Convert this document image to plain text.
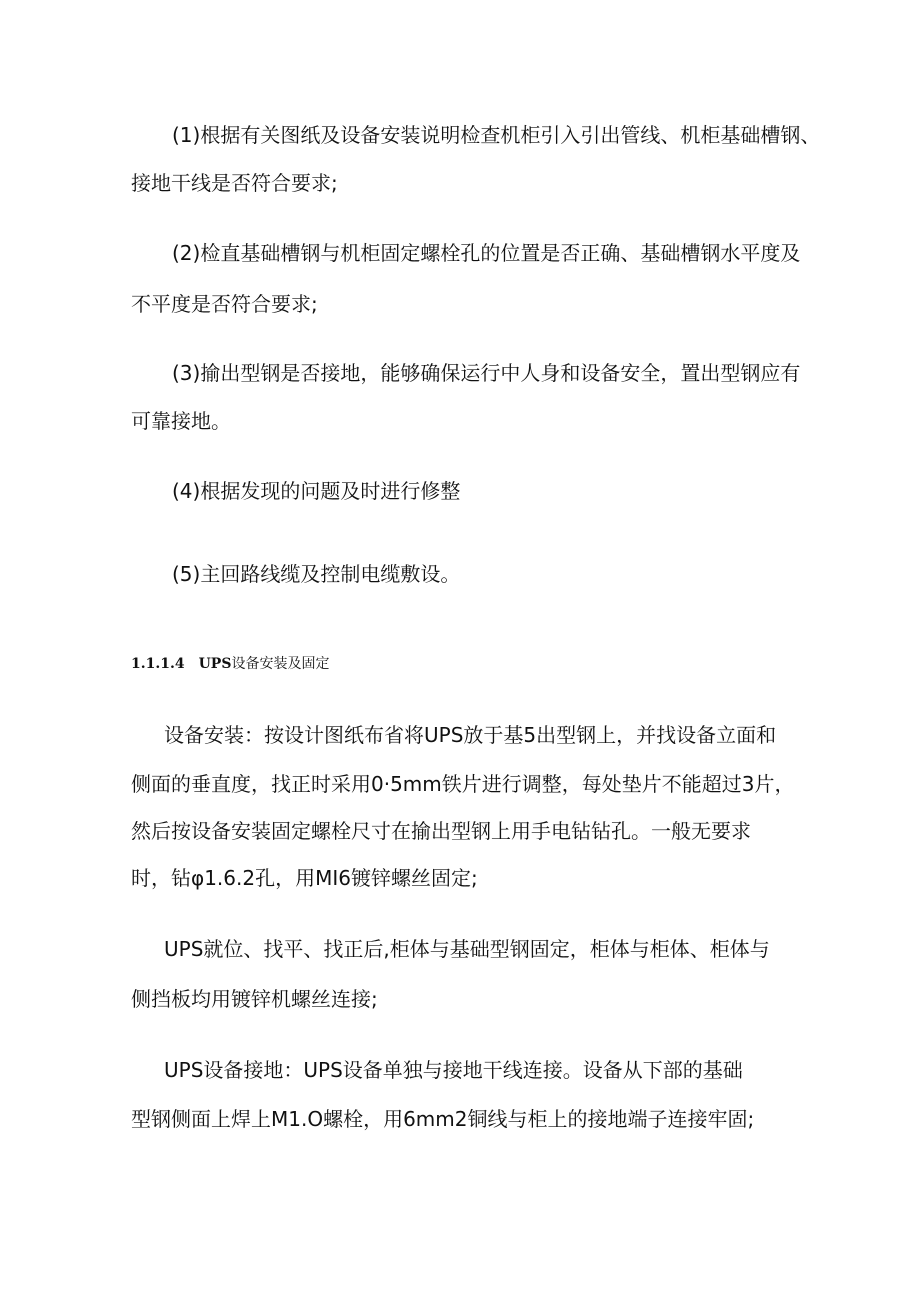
(1)根据有关图纸及设备安装说明检查机柜引入引出管线、机柜基础槽钢、
接地干线是否符合要求;
(2)检直基础槽钢与机柜固定螺栓孔的位置是否正确、基础槽钢水平度及
不平度是否符合要求;
(3)揄出型钢是否接地，能够确保运行中人身和设备安全，置出型钢应有
可靠接地。
(4)根据发现的问题及时进行修整
(5)主回路线缆及控制电缆敷设。
1.1.1.4 UPS设备安装及固定
设备安装：按设计图纸布省将UPS放于基5出型钢上，并找设备立面和
侧面的垂直度，找正时采用0·5mm铁片进行调整，每处垫片不能超过3片，
然后按设备安装固定螺栓尺寸在揄出型钢上用手电钻钻孔。一般无要求
时，钻φ1.6.2孔，用MI6镀锌螺丝固定;
UPS就位、找平、找正后,柜体与基础型钢固定，柜体与柜体、柜体与
侧挡板均用镀锌机螺丝连接;
UPS设备接地：UPS设备单独与接地干线连接。设备从下部的基础
型钢侧面上焊上M1.O螺栓，用6mm2铜线与柜上的接地端子连接牢固;
